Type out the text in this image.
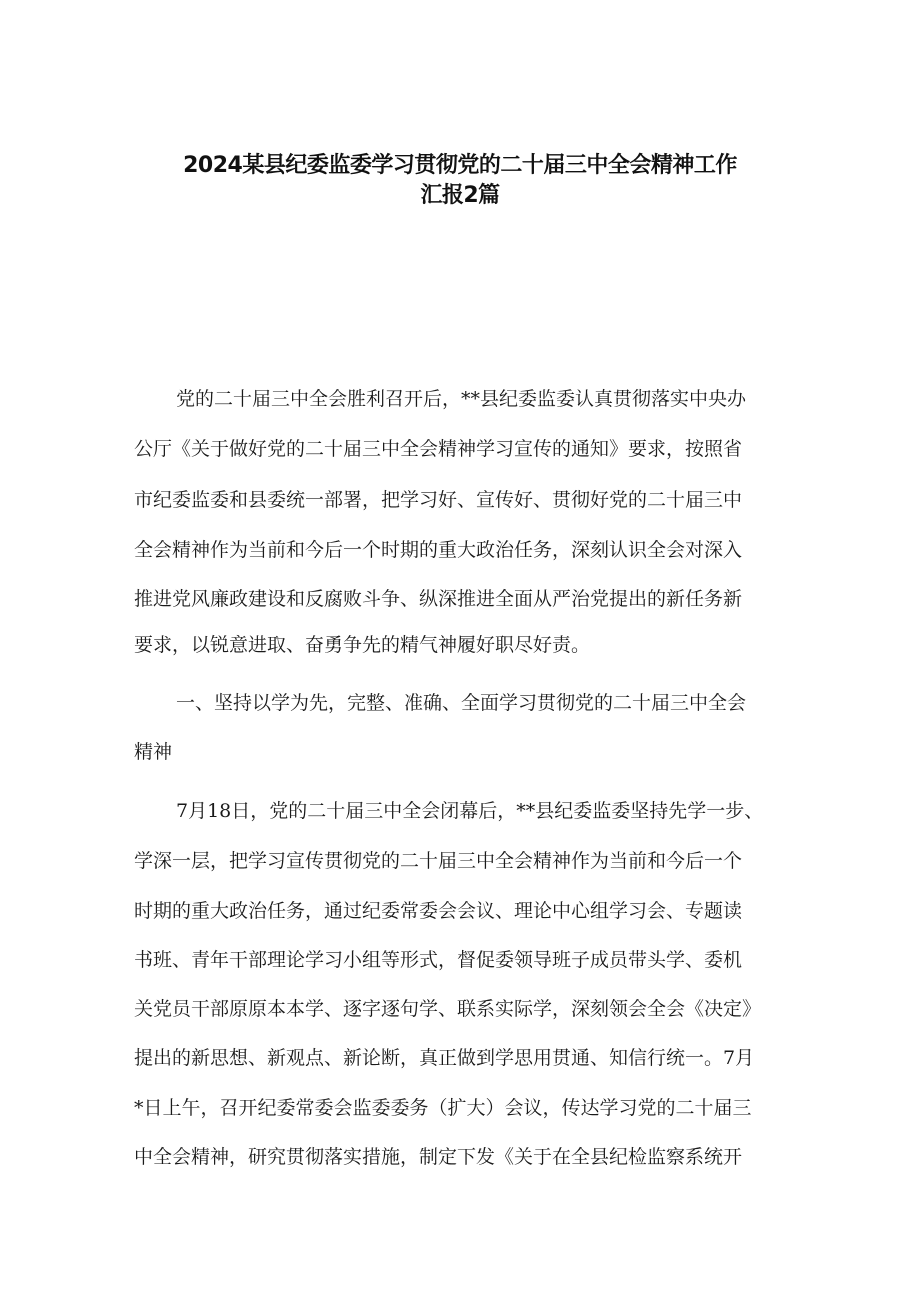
2024某县纪委监委学习贯彻党的二十届三中全会精神工作
汇报2篇
党的二十届三中全会胜利召开后，**县纪委监委认真贯彻落实中央办
公厅《关于做好党的二十届三中全会精神学习宣传的通知》要求，按照省
市纪委监委和县委统一部署，把学习好、宣传好、贯彻好党的二十届三中
全会精神作为当前和今后一个时期的重大政治任务，深刻认识全会对深入
推进党风廉政建设和反腐败斗争、纵深推进全面从严治党提出的新任务新
要求，以锐意进取、奋勇争先的精气神履好职尽好责。
一、坚持以学为先，完整、准确、全面学习贯彻党的二十届三中全会
精神
7月18日，党的二十届三中全会闭幕后，**县纪委监委坚持先学一步、
学深一层，把学习宣传贯彻党的二十届三中全会精神作为当前和今后一个
时期的重大政治任务，通过纪委常委会会议、理论中心组学习会、专题读
书班、青年干部理论学习小组等形式，督促委领导班子成员带头学、委机
关党员干部原原本本学、逐字逐句学、联系实际学，深刻领会全会《决定》
提出的新思想、新观点、新论断，真正做到学思用贯通、知信行统一。7月
*日上午，召开纪委常委会监委委务（扩大）会议，传达学习党的二十届三
中全会精神，研究贯彻落实措施，制定下发《关于在全县纪检监察系统开
